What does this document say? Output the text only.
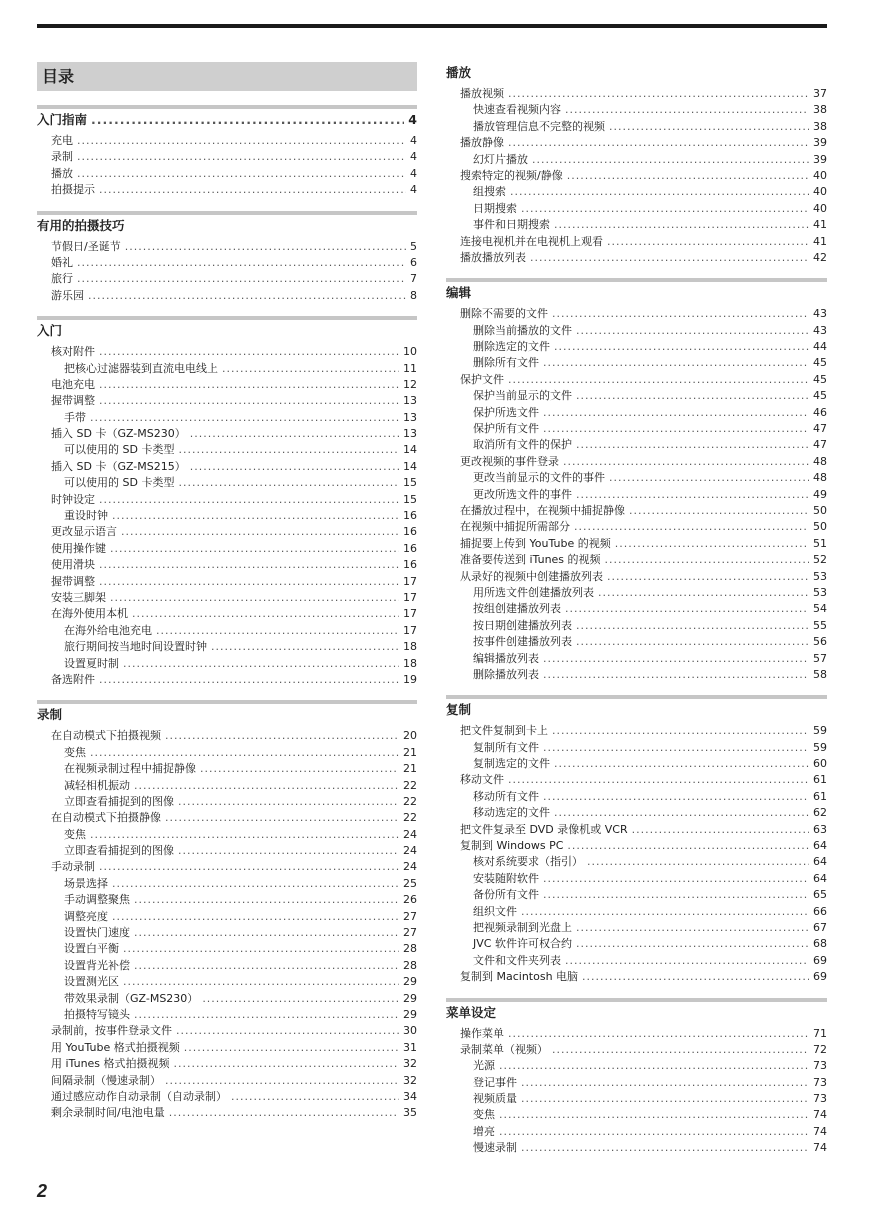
目录
入门指南 .....	4
充电 .....	4
录制 .....	4
播放 .....	4
拍摄提示 .....	4
有用的拍摄技巧
节假日/圣诞节 .....	5
婚礼 .....	6
旅行 .....	7
游乐园 .....	8
入门
核对附件 .....	10
把核心过滤器装到直流电电线上 .....	11
电池充电 .....	12
握带调整 .....	13
手带 .....	13
插入 SD 卡（GZ-MS230） .....	13
可以使用的 SD 卡类型 .....	14
插入 SD 卡（GZ-MS215） .....	14
可以使用的 SD 卡类型 .....	15
时钟设定 .....	15
重设时钟 .....	16
更改显示语言 .....	16
使用操作键 .....	16
使用滑块 .....	16
握带调整 .....	17
安装三脚架 .....	17
在海外使用本机 .....	17
在海外给电池充电 .....	17
旅行期间按当地时间设置时钟 .....	18
设置夏时制 .....	18
备选附件 .....	19
录制
在自动模式下拍摄视频 .....	20
变焦 .....	21
在视频录制过程中捕捉静像 .....	21
减轻相机振动 .....	22
立即查看捕捉到的图像 .....	22
在自动模式下拍摄静像 .....	22
变焦 .....	24
立即查看捕捉到的图像 .....	24
手动录制 .....	24
场景选择 .....	25
手动调整聚焦 .....	26
调整亮度 .....	27
设置快门速度 .....	27
设置白平衡 .....	28
设置背光补偿 .....	28
设置测光区 .....	29
带效果录制（GZ-MS230） .....	29
拍摄特写镜头 .....	29
录制前，按事件登录文件 .....	30
用 YouTube 格式拍摄视频 .....	31
用 iTunes 格式拍摄视频 .....	32
间隔录制（慢速录制） .....	32
通过感应动作自动录制（自动录制） .....	34
剩余录制时间/电池电量 .....	35
播放
播放视频 .....	37
快速查看视频内容 .....	38
播放管理信息不完整的视频 .....	38
播放静像 .....	39
幻灯片播放 .....	39
搜索特定的视频/静像 .....	40
组搜索 .....	40
日期搜索 .....	40
事件和日期搜索 .....	41
连接电视机并在电视机上观看 .....	41
播放播放列表 .....	42
编辑
删除不需要的文件 .....	43
删除当前播放的文件 .....	43
删除选定的文件 .....	44
删除所有文件 .....	45
保护文件 .....	45
保护当前显示的文件 .....	45
保护所选文件 .....	46
保护所有文件 .....	47
取消所有文件的保护 .....	47
更改视频的事件登录 .....	48
更改当前显示的文件的事件 .....	48
更改所选文件的事件 .....	49
在播放过程中，在视频中捕捉静像 .....	50
在视频中捕捉所需部分 .....	50
捕捉要上传到 YouTube 的视频 .....	51
准备要传送到 iTunes 的视频 .....	52
从录好的视频中创建播放列表 .....	53
用所选文件创建播放列表 .....	53
按组创建播放列表 .....	54
按日期创建播放列表 .....	55
按事件创建播放列表 .....	56
编辑播放列表 .....	57
删除播放列表 .....	58
复制
把文件复制到卡上 .....	59
复制所有文件 .....	59
复制选定的文件 .....	60
移动文件 .....	61
移动所有文件 .....	61
移动选定的文件 .....	62
把文件复录至 DVD 录像机或 VCR .....	63
复制到 Windows PC .....	64
核对系统要求（指引） .....	64
安装随附软件 .....	64
备份所有文件 .....	65
组织文件 .....	66
把视频录制到光盘上 .....	67
JVC 软件许可权合约 .....	68
文件和文件夹列表 .....	69
复制到 Macintosh 电脑 .....	69
菜单设定
操作菜单 .....	71
录制菜单（视频） .....	72
光源 .....	73
登记事件 .....	73
视频质量 .....	73
变焦 .....	74
增亮 .....	74
慢速录制 .....	74
2
